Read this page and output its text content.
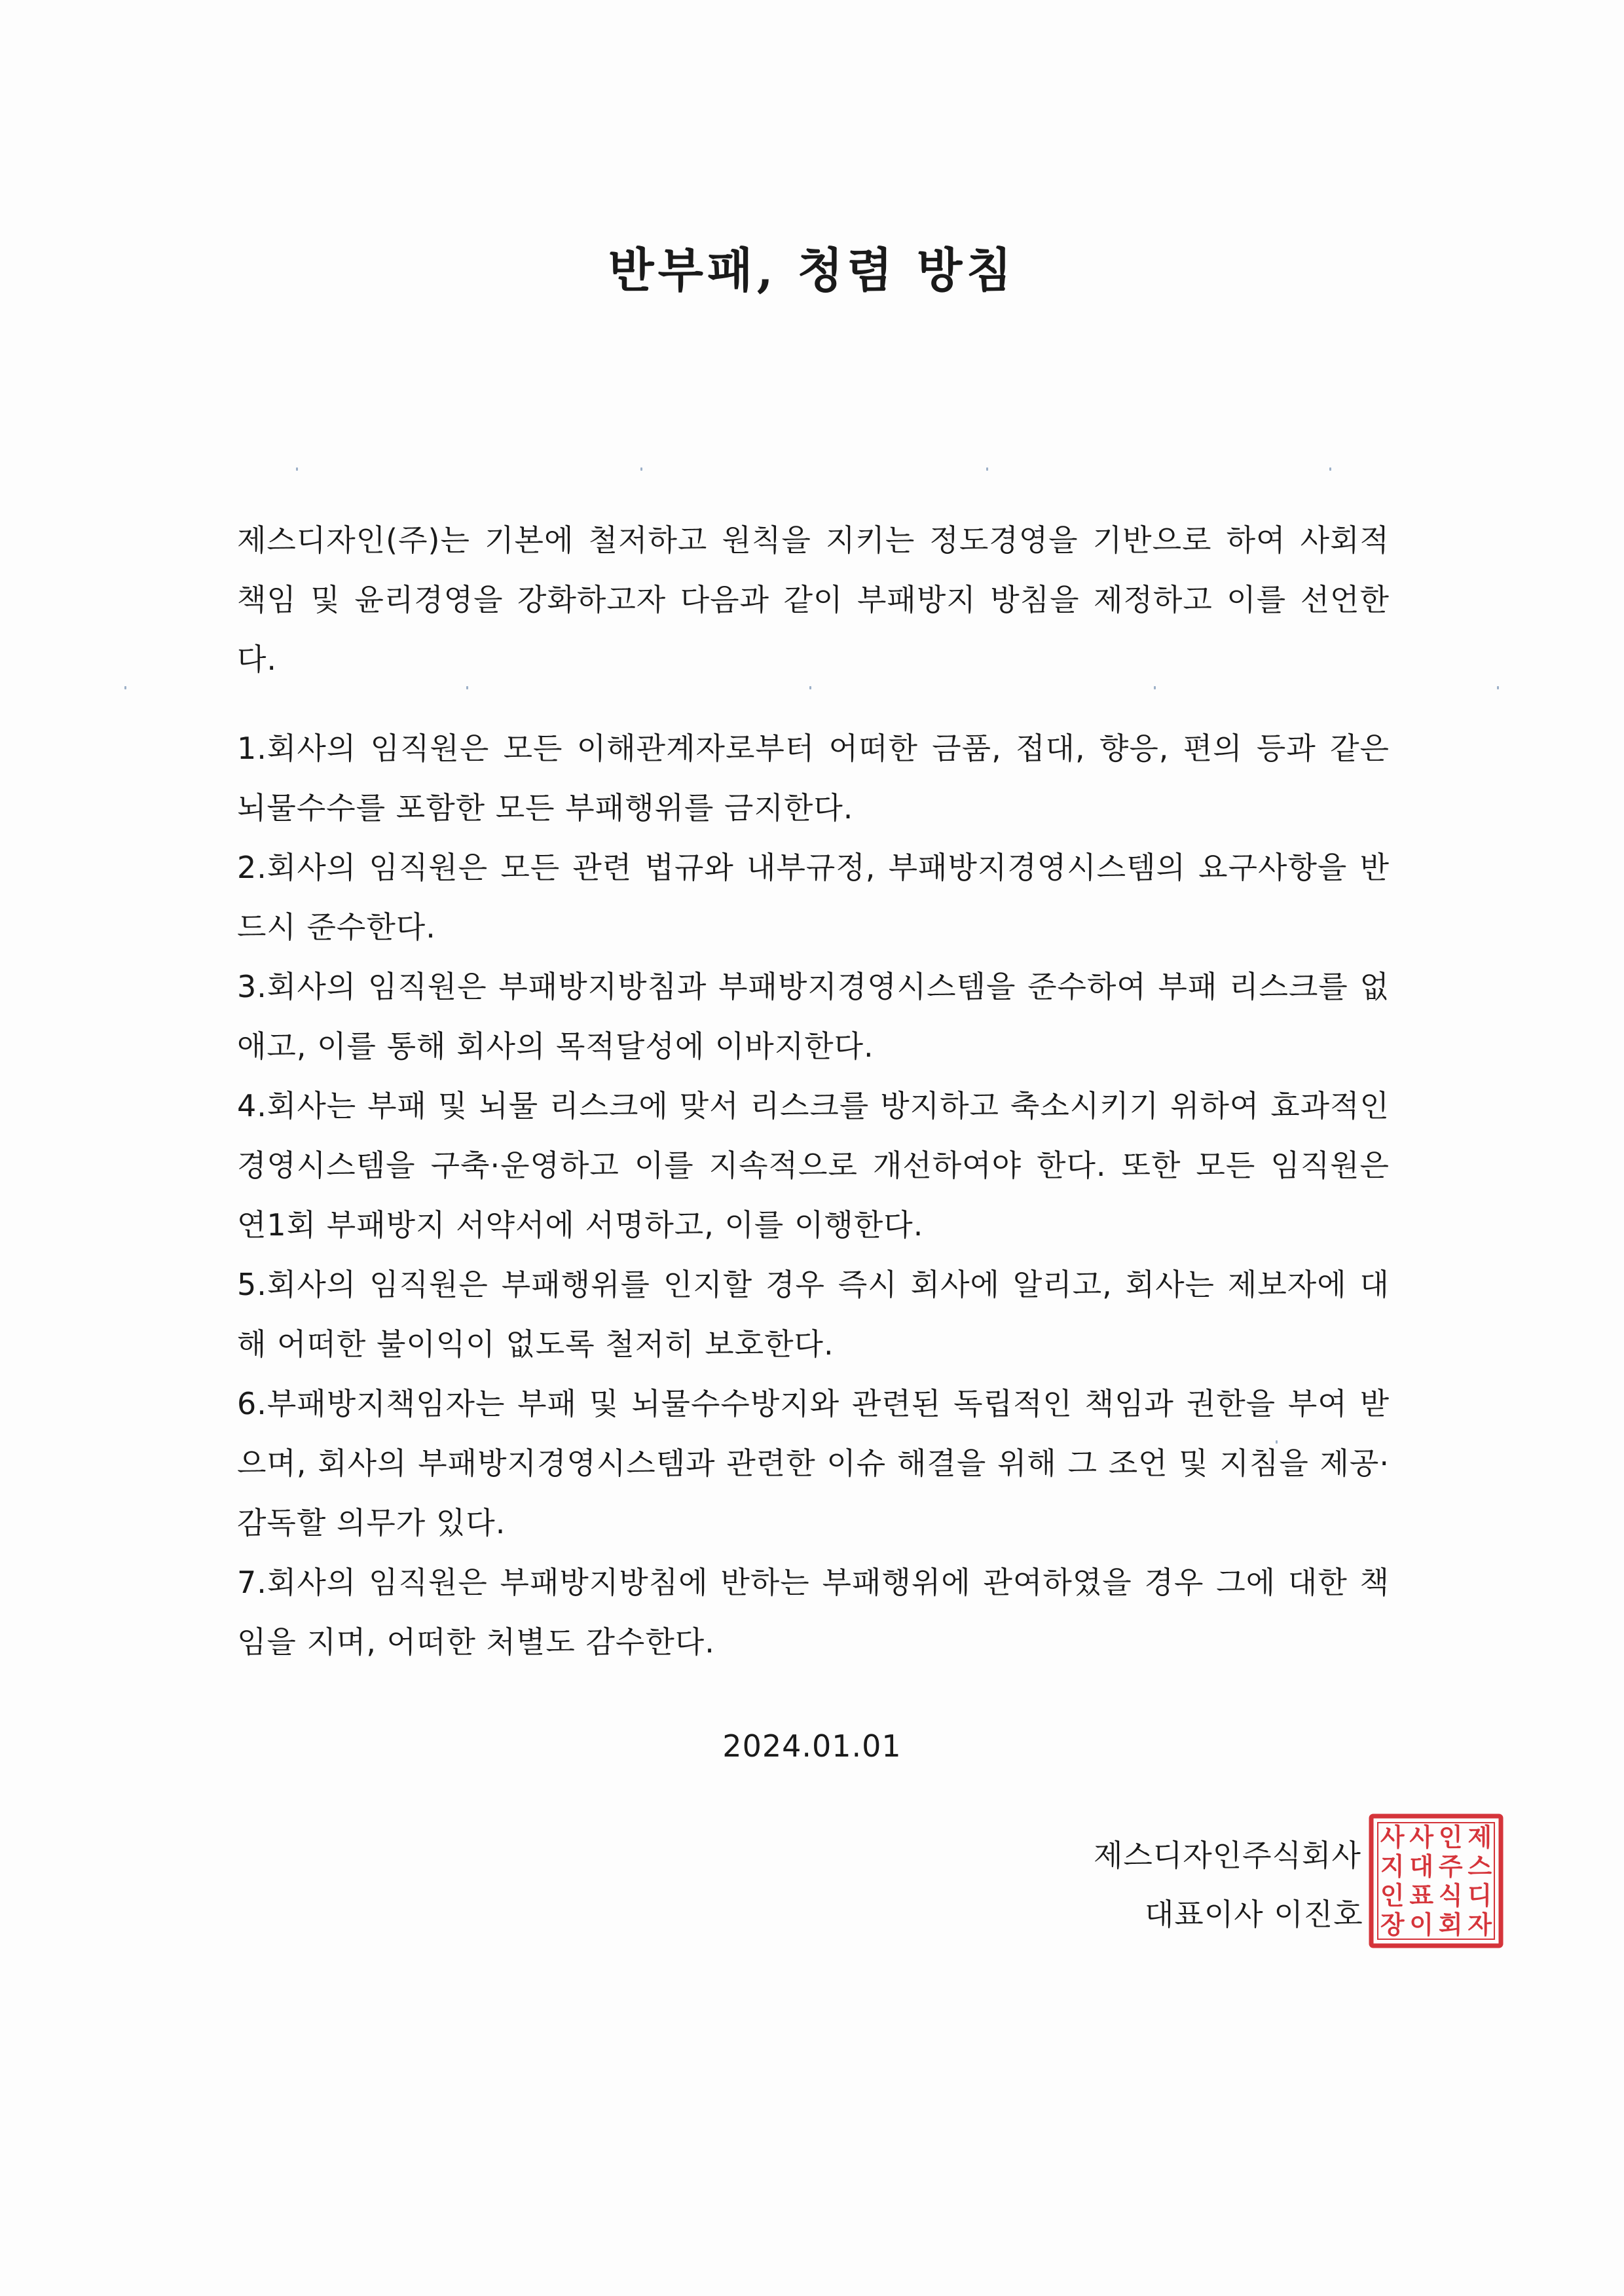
반부패, 청렴 방침

제스디자인(주)는 기본에 철저하고 원칙을 지키는 정도경영을 기반으로 하여 사회적 책임 및 윤리경영을 강화하고자 다음과 같이 부패방지 방침을 제정하고 이를 선언한다.

1.회사의 임직원은 모든 이해관계자로부터 어떠한 금품, 접대, 향응, 편의 등과 같은 뇌물수수를 포함한 모든 부패행위를 금지한다.
2.회사의 임직원은 모든 관련 법규와 내부규정, 부패방지경영시스템의 요구사항을 반드시 준수한다.
3.회사의 임직원은 부패방지방침과 부패방지경영시스템을 준수하여 부패 리스크를 없애고, 이를 통해 회사의 목적달성에 이바지한다.
4.회사는 부패 및 뇌물 리스크에 맞서 리스크를 방지하고 축소시키기 위하여 효과적인 경영시스템을 구축·운영하고 이를 지속적으로 개선하여야 한다. 또한 모든 임직원은 연1회 부패방지 서약서에 서명하고, 이를 이행한다.
5.회사의 임직원은 부패행위를 인지할 경우 즉시 회사에 알리고, 회사는 제보자에 대해 어떠한 불이익이 없도록 철저히 보호한다.
6.부패방지책임자는 부패 및 뇌물수수방지와 관련된 독립적인 책임과 권한을 부여 받으며, 회사의 부패방지경영시스템과 관련한 이슈 해결을 위해 그 조언 및 지침을 제공·감독할 의무가 있다.
7.회사의 임직원은 부패방지방침에 반하는 부패행위에 관여하였을 경우 그에 대한 책임을 지며, 어떠한 처별도 감수한다.
2024.01.01
제스디자인주식회사
대표이사 이진호
제
스
디
자
인
주
식
회
사
대
표
이
사
지
인
장
